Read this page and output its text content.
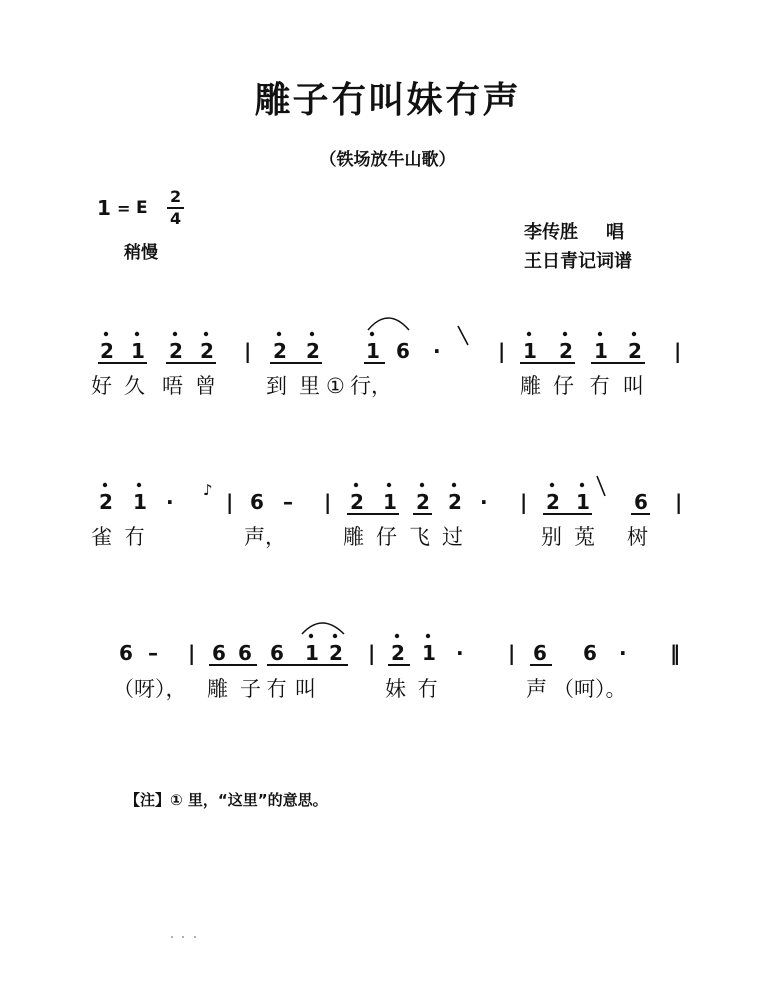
雕子冇叫妹冇声
（铁场放牛山歌）
1 = E
2
4
稍慢
李传胜 唱
王日青记词谱
2 1 2 2 | 2 2 1 6 ·	| 1 2 1 2 |
好 久 唔 曾 到 里 ① 行，	雕 仔 冇 叫
2 1 ·	| 6 – | 2 1 2 2 · | 2 1 6 |
♪
雀 冇	声，	雕 仔 飞 过	别 莵 树
6 – | 6 6 6 1 2 | 2 1 · | 6 6 · ‖
（呀）， 雕 子 冇 叫	妹 冇	声 （呵）。
【注】① 里，“这里”的意思。
